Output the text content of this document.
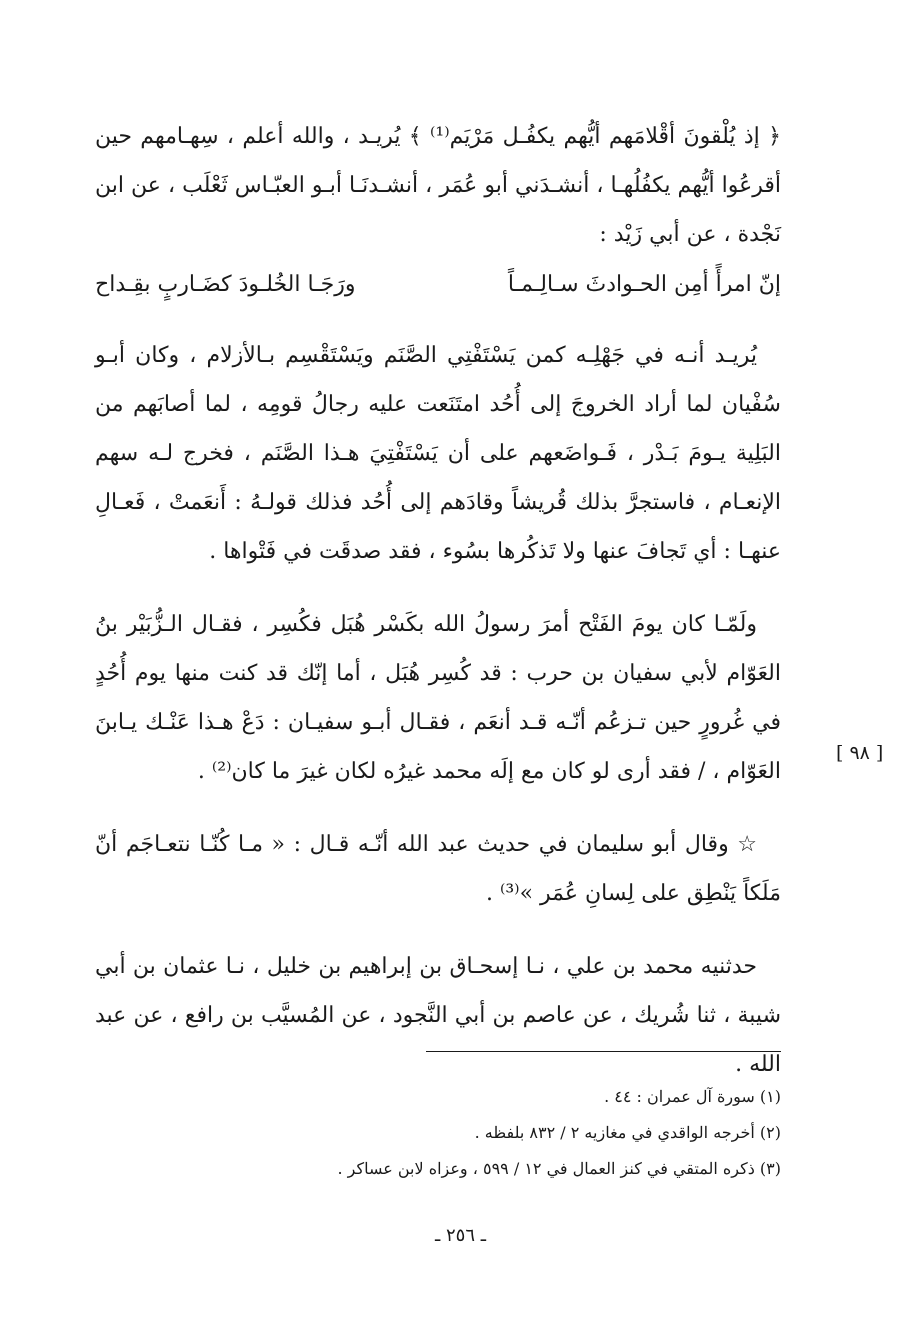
﴿ إذ يُلْقونَ أقْلامَهم أيُّهم يكفُـل مَرْيَم⁽¹⁾ ﴾ يُريـد ، والله أعلم ، سِهـامهم حين أقرعُوا أيُّهم يكفُلُهـا ، أنشـدَني أبو عُمَر ، أنشـدنَـا أبـو العبّـاس ثَعْلَب ، عن ابن نَجْدة ، عن أبي زَيْد :

إنّ امرأً أمِن الحـوادثَ سـالِـمـاً
ورَجَـا الخُلـودَ كضَـاربٍ بقِـداح

يُريـد أنـه في جَهْلِـه كمن يَسْتَفْتِي الصَّنَم ويَسْتَقْسِم بـالأزلام ، وكان أبـو سُفْيان لما أراد الخروجَ إلى أُحُد امتَنَعت عليه رجالُ قومِه ، لما أصابَهم من البَلِية يـومَ بَـدْر ، فَـواضَعهم على أن يَسْتَفْتِيَ هـذا الصَّنَم ، فخرج لـه سهم الإنعـام ، فاستجرَّ بذلك قُريشاً وقادَهم إلى أُحُد فذلك قولـهُ : أَنعَمتْ ، فَعـالِ عنهـا : أي تَجافَ عنها ولا تَذكُرها بسُوء ، فقد صدقَت في فَتْواها .

ولَمّـا كان يومَ الفَتْح أمرَ رسولُ الله بكَسْر هُبَل فكُسِر ، فقـال الـزُّبَيْر بنُ العَوّام لأبي سفيان بن حرب : قد كُسِر هُبَل ، أما إنّك قد كنت منها يوم أُحُدٍ في غُرورٍ حين تـزعُم أنّـه قـد أنعَم ، فقـال أبـو سفيـان : دَعْ هـذا عَنْـك يـابنَ العَوّام ، / فقد أرى لو كان مع إلَه محمد غيرُه لكان غيرَ ما كان⁽²⁾ .

☆ وقال أبو سليمان في حديث عبد الله أنّـه قـال : « مـا كُنّـا نتعـاجَم أنّ مَلَكاً يَنْطِق على لِسانِ عُمَر »⁽³⁾ .

حدثنيه محمد بن علي ، نـا إسحـاق بن إبراهيم بن خليل ، نـا عثمان بن أبي شيبة ، ثنا شُريك ، عن عاصم بن أبي النَّجود ، عن المُسيَّب بن رافع ، عن عبد الله .

[ ٩٨ ]
(١) سورة آل عمران : ٤٤ .
(٢) أخرجه الواقدي في مغازيه ٢ / ٨٣٢ بلفظه .
(٣) ذكره المتقي في كنز العمال في ١٢ / ٥٩٩ ، وعزاه لابن عساكر .
ـ ٢٥٦ ـ
